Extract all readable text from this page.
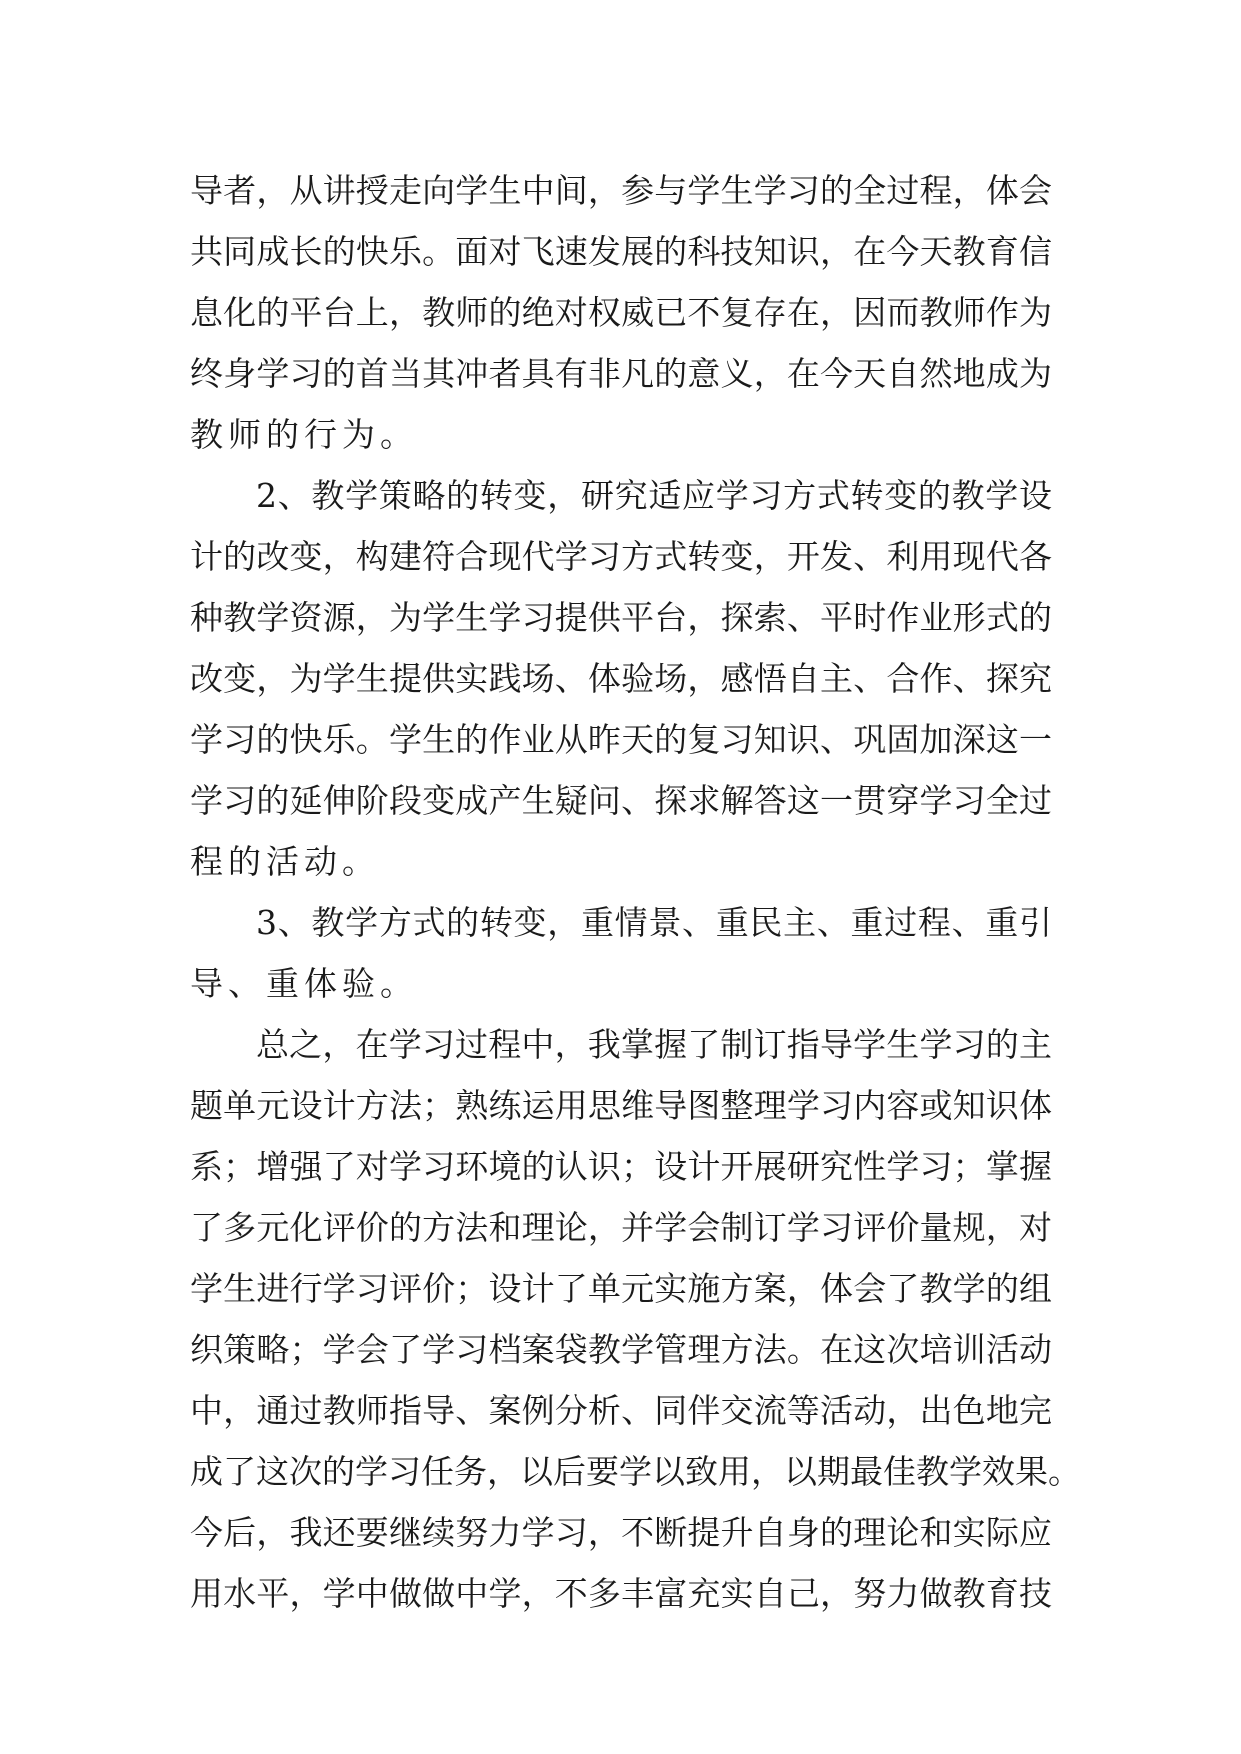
导者，从讲授走向学生中间，参与学生学习的全过程，体会
共同成长的快乐。面对飞速发展的科技知识，在今天教育信
息化的平台上，教师的绝对权威已不复存在，因而教师作为
终身学习的首当其冲者具有非凡的意义，在今天自然地成为
教师的行为。
2、教学策略的转变，研究适应学习方式转变的教学设
计的改变，构建符合现代学习方式转变，开发、利用现代各
种教学资源，为学生学习提供平台，探索、平时作业形式的
改变，为学生提供实践场、体验场，感悟自主、合作、探究
学习的快乐。学生的作业从昨天的复习知识、巩固加深这一
学习的延伸阶段变成产生疑问、探求解答这一贯穿学习全过
程的活动。
3、教学方式的转变，重情景、重民主、重过程、重引
导、重体验。
总之，在学习过程中，我掌握了制订指导学生学习的主
题单元设计方法；熟练运用思维导图整理学习内容或知识体
系；增强了对学习环境的认识；设计开展研究性学习；掌握
了多元化评价的方法和理论，并学会制订学习评价量规，对
学生进行学习评价；设计了单元实施方案，体会了教学的组
织策略；学会了学习档案袋教学管理方法。在这次培训活动
中，通过教师指导、案例分析、同伴交流等活动，出色地完
成了这次的学习任务，以后要学以致用，以期最佳教学效果。
今后，我还要继续努力学习，不断提升自身的理论和实际应
用水平，学中做做中学，不多丰富充实自己，努力做教育技
